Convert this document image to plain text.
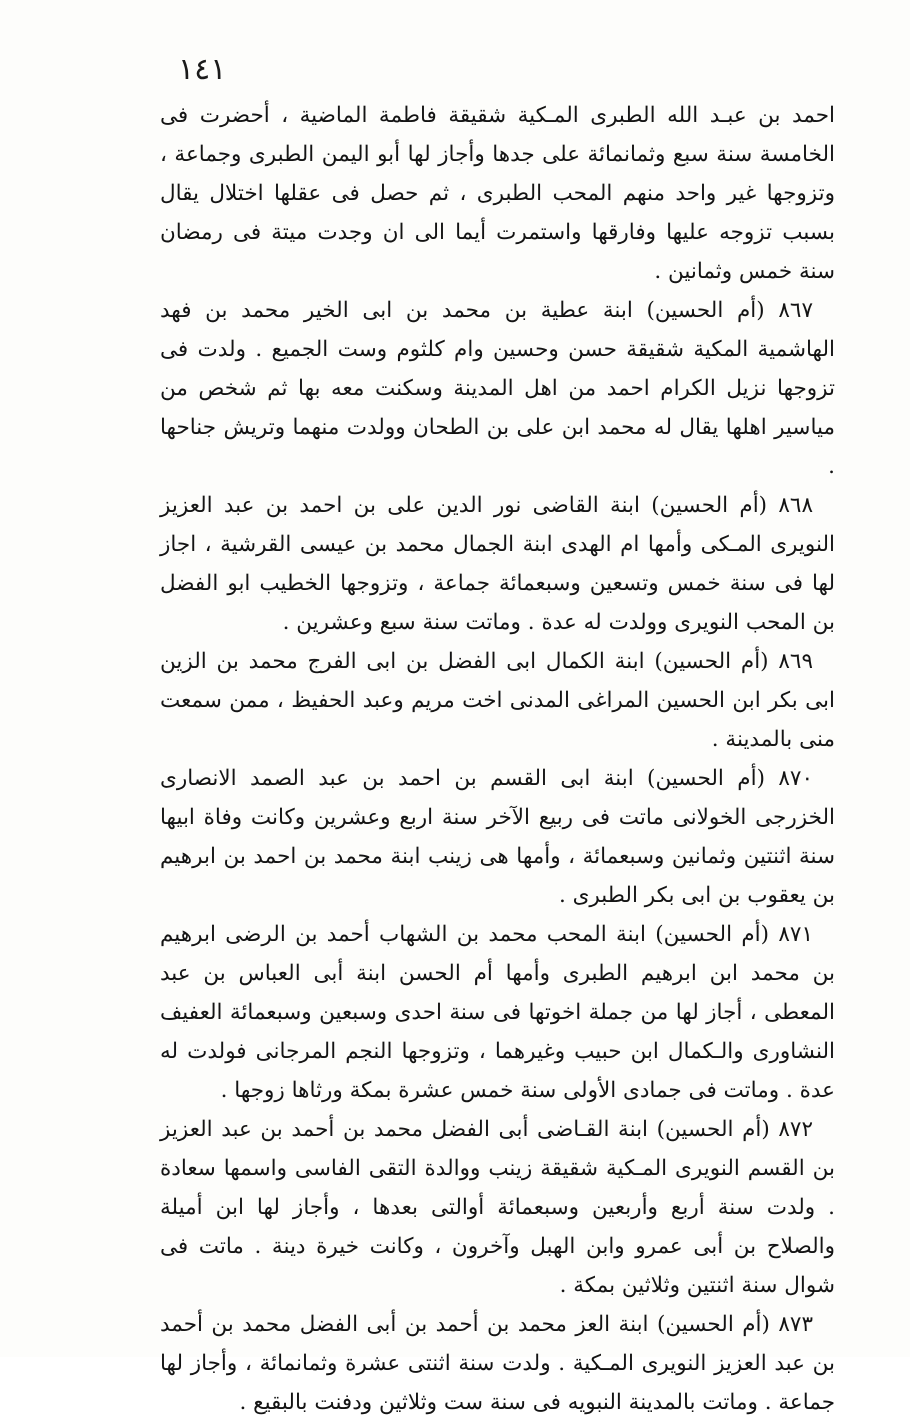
١٤١

احمد بن عبـد الله الطبرى المـكية شقيقة فاطمة الماضية ، أحضرت فى الخامسة سنة سبع وثمانمائة على جدها وأجاز لها أبو اليمن الطبرى وجماعة ، وتزوجها غير واحد منهم المحب الطبرى ، ثم حصل فى عقلها اختلال يقال بسبب تزوجه عليها وفارقها واستمرت أيما الى ان وجدت ميتة فى رمضان سنة خمس وثمانين .

٨٦٧ (أم الحسين) ابنة عطية بن محمد بن ابى الخير محمد بن فهد الهاشمية المكية شقيقة حسن وحسين وام كلثوم وست الجميع . ولدت فى تزوجها نزيل الكرام احمد من اهل المدينة وسكنت معه بها ثم شخص من مياسير اهلها يقال له محمد ابن على بن الطحان وولدت منهما وتريش جناحها .

٨٦٨ (أم الحسين) ابنة القاضى نور الدين على بن احمد بن عبد العزيز النويرى المـكى وأمها ام الهدى ابنة الجمال محمد بن عيسى القرشية ، اجاز لها فى سنة خمس وتسعين وسبعمائة جماعة ، وتزوجها الخطيب ابو الفضل بن المحب النويرى وولدت له عدة . وماتت سنة سبع وعشرين .

٨٦٩ (أم الحسين) ابنة الكمال ابى الفضل بن ابى الفرج محمد بن الزين ابى بكر ابن الحسين المراغى المدنى اخت مريم وعبد الحفيظ ، ممن سمعت منى بالمدينة .

٨٧٠ (أم الحسين) ابنة ابى القسم بن احمد بن عبد الصمد الانصارى الخزرجى الخولانى ماتت فى ربيع الآخر سنة اربع وعشرين وكانت وفاة ابيها سنة اثنتين وثمانين وسبعمائة ، وأمها هى زينب ابنة محمد بن احمد بن ابرهيم بن يعقوب بن ابى بكر الطبرى .

٨٧١ (أم الحسين) ابنة المحب محمد بن الشهاب أحمد بن الرضى ابرهيم بن محمد ابن ابرهيم الطبرى وأمها أم الحسن ابنة أبى العباس بن عبد المعطى ، أجاز لها من جملة اخوتها فى سنة احدى وسبعين وسبعمائة العفيف النشاورى والـكمال ابن حبيب وغيرهما ، وتزوجها النجم المرجانى فولدت له عدة . وماتت فى جمادى الأولى سنة خمس عشرة بمكة ورثاها زوجها .

٨٧٢ (أم الحسين) ابنة القـاضى أبى الفضل محمد بن أحمد بن عبد العزيز بن القسم النويرى المـكية شقيقة زينب ووالدة التقى الفاسى واسمها سعادة . ولدت سنة أربع وأربعين وسبعمائة أوالتى بعدها ، وأجاز لها ابن أميلة والصلاح بن أبى عمرو وابن الهبل وآخرون ، وكانت خيرة دينة . ماتت فى شوال سنة اثنتين وثلاثين بمكة .

٨٧٣ (أم الحسين) ابنة العز محمد بن أحمد بن أبى الفضل محمد بن أحمد بن عبد العزيز النويرى المـكية . ولدت سنة اثنتى عشرة وثمانمائة ، وأجاز لها جماعة . وماتت بالمدينة النبويه فى سنة ست وثلاثين ودفنت بالبقيع .
